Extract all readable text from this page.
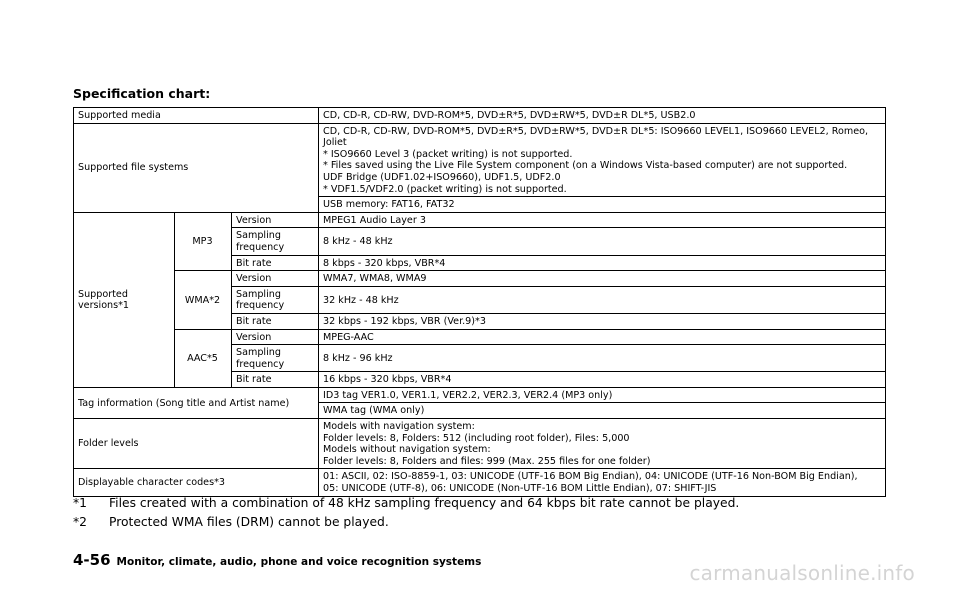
Specification chart:
Supported media			CD, CD-R, CD-RW, DVD-ROM*5, DVD±R*5, DVD±RW*5, DVD±R DL*5, USB2.0
Supported file systems			CD, CD-R, CD-RW, DVD-ROM*5, DVD±R*5, DVD±RW*5, DVD±R DL*5: ISO9660 LEVEL1, ISO9660 LEVEL2, Romeo, Joliet
* ISO9660 Level 3 (packet writing) is not supported.
* Files saved using the Live File System component (on a Windows Vista-based computer) are not supported.
UDF Bridge (UDF1.02+ISO9660), UDF1.5, UDF2.0
* VDF1.5/VDF2.0 (packet writing) is not supported.
			USB memory: FAT16, FAT32
Supported
versions*1	MP3	Version	MPEG1 Audio Layer 3
		Sampling frequency	8 kHz - 48 kHz
		Bit rate	8 kbps - 320 kbps, VBR*4
	WMA*2	Version	WMA7, WMA8, WMA9
		Sampling frequency	32 kHz - 48 kHz
		Bit rate	32 kbps - 192 kbps, VBR (Ver.9)*3
	AAC*5	Version	MPEG-AAC
		Sampling frequency	8 kHz - 96 kHz
		Bit rate	16 kbps - 320 kbps, VBR*4
Tag information (Song title and Artist name)			ID3 tag VER1.0, VER1.1, VER2.2, VER2.3, VER2.4 (MP3 only)
			WMA tag (WMA only)
Folder levels			Models with navigation system:
Folder levels: 8, Folders: 512 (including root folder), Files: 5,000
Models without navigation system:
Folder levels: 8, Folders and files: 999 (Max. 255 files for one folder)
Displayable character codes*3			01: ASCII, 02: ISO-8859-1, 03: UNICODE (UTF-16 BOM Big Endian), 04: UNICODE (UTF-16 Non-BOM Big Endian),
05: UNICODE (UTF-8), 06: UNICODE (Non-UTF-16 BOM Little Endian), 07: SHIFT-JIS
*1 Files created with a combination of 48 kHz sampling frequency and 64 kbps bit rate cannot be played.
*2 Protected WMA files (DRM) cannot be played.
4-56 Monitor, climate, audio, phone and voice recognition systems	carmanualsonline.info
